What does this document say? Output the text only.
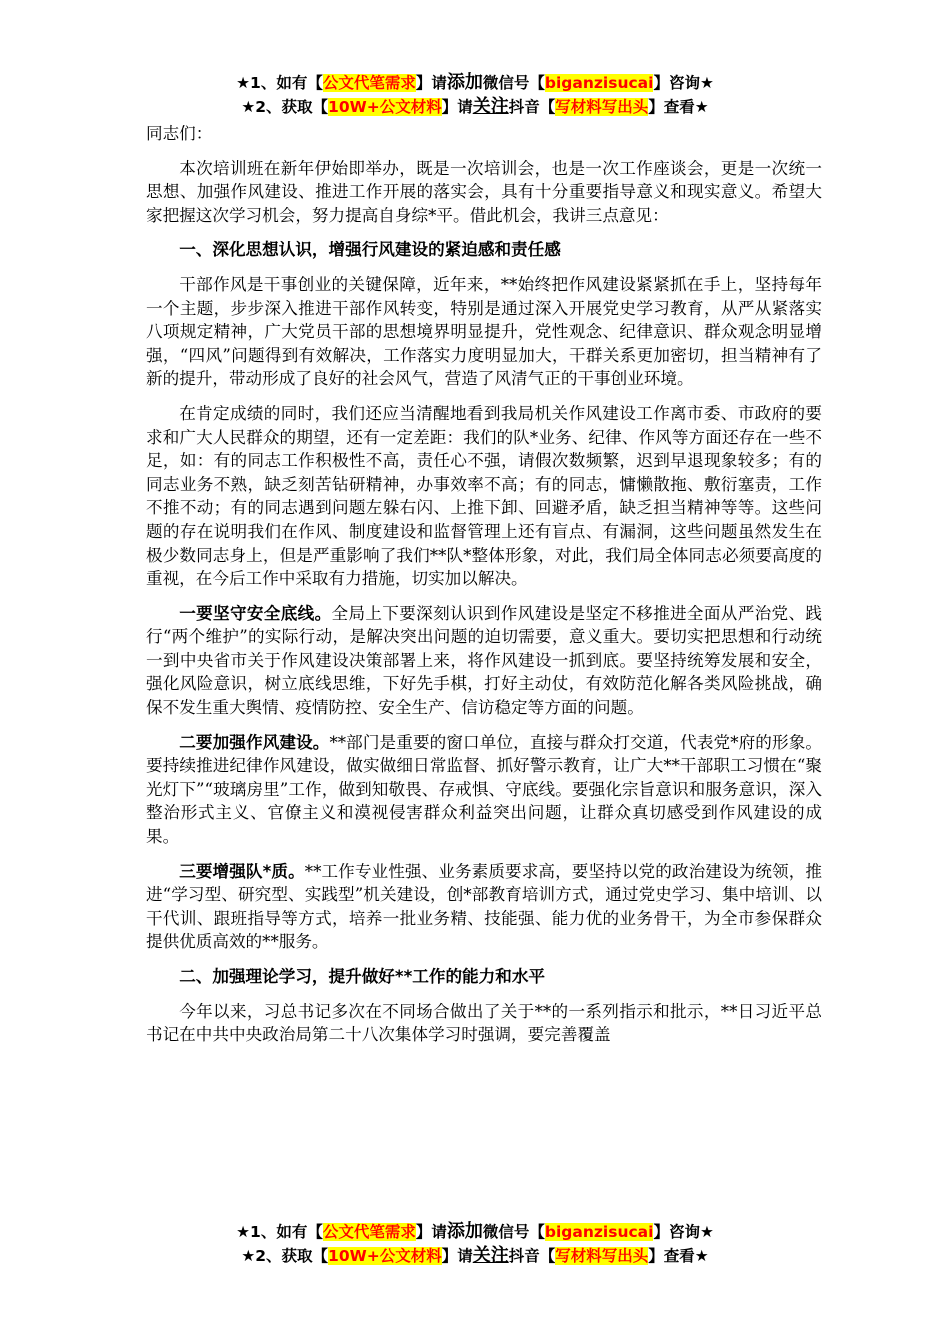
★1、如有【公文代笔需求】请添加微信号【biganzisucai】咨询★
★2、获取【10W+公文材料】请关注抖音【写材料写出头】查看★

同志们：

本次培训班在新年伊始即举办，既是一次培训会，也是一次工作座谈会，更是一次统一思想、加强作风建设、推进工作开展的落实会，具有十分重要指导意义和现实意义。希望大家把握这次学习机会，努力提高自身综*平。借此机会，我讲三点意见：

一、深化思想认识，增强行风建设的紧迫感和责任感

干部作风是干事创业的关键保障，近年来，**始终把作风建设紧紧抓在手上，坚持每年一个主题，步步深入推进干部作风转变，特别是通过深入开展党史学习教育，从严从紧落实八项规定精神，广大党员干部的思想境界明显提升，党性观念、纪律意识、群众观念明显增强，“四风”问题得到有效解决，工作落实力度明显加大，干群关系更加密切，担当精神有了新的提升，带动形成了良好的社会风气，营造了风清气正的干事创业环境。

在肯定成绩的同时，我们还应当清醒地看到我局机关作风建设工作离市委、市政府的要求和广大人民群众的期望，还有一定差距：我们的队*业务、纪律、作风等方面还存在一些不足，如：有的同志工作积极性不高，责任心不强，请假次数频繁，迟到早退现象较多；有的同志业务不熟，缺乏刻苦钻研精神，办事效率不高；有的同志，慵懒散拖、敷衍塞责，工作不推不动；有的同志遇到问题左躲右闪、上推下卸、回避矛盾，缺乏担当精神等等。这些问题的存在说明我们在作风、制度建设和监督管理上还有盲点、有漏洞，这些问题虽然发生在极少数同志身上，但是严重影响了我们**队*整体形象，对此，我们局全体同志必须要高度的重视，在今后工作中采取有力措施，切实加以解决。

一要坚守安全底线。全局上下要深刻认识到作风建设是坚定不移推进全面从严治党、践行“两个维护”的实际行动，是解决突出问题的迫切需要，意义重大。要切实把思想和行动统一到中央省市关于作风建设决策部署上来，将作风建设一抓到底。要坚持统筹发展和安全，强化风险意识，树立底线思维，下好先手棋，打好主动仗，有效防范化解各类风险挑战，确保不发生重大舆情、疫情防控、安全生产、信访稳定等方面的问题。

二要加强作风建设。**部门是重要的窗口单位，直接与群众打交道，代表党*府的形象。要持续推进纪律作风建设，做实做细日常监督、抓好警示教育，让广大**干部职工习惯在“聚光灯下”“玻璃房里”工作，做到知敬畏、存戒惧、守底线。要强化宗旨意识和服务意识，深入整治形式主义、官僚主义和漠视侵害群众利益突出问题，让群众真切感受到作风建设的成果。

三要增强队*质。**工作专业性强、业务素质要求高，要坚持以党的政治建设为统领，推进“学习型、研究型、实践型”机关建设，创*部教育培训方式，通过党史学习、集中培训、以干代训、跟班指导等方式，培养一批业务精、技能强、能力优的业务骨干，为全市参保群众提供优质高效的**服务。

二、加强理论学习，提升做好**工作的能力和水平

今年以来，习总书记多次在不同场合做出了关于**的一系列指示和批示，**日习近平总书记在中共中央政治局第二十八次集体学习时强调，要完善覆盖

★1、如有【公文代笔需求】请添加微信号【biganzisucai】咨询★
★2、获取【10W+公文材料】请关注抖音【写材料写出头】查看★
